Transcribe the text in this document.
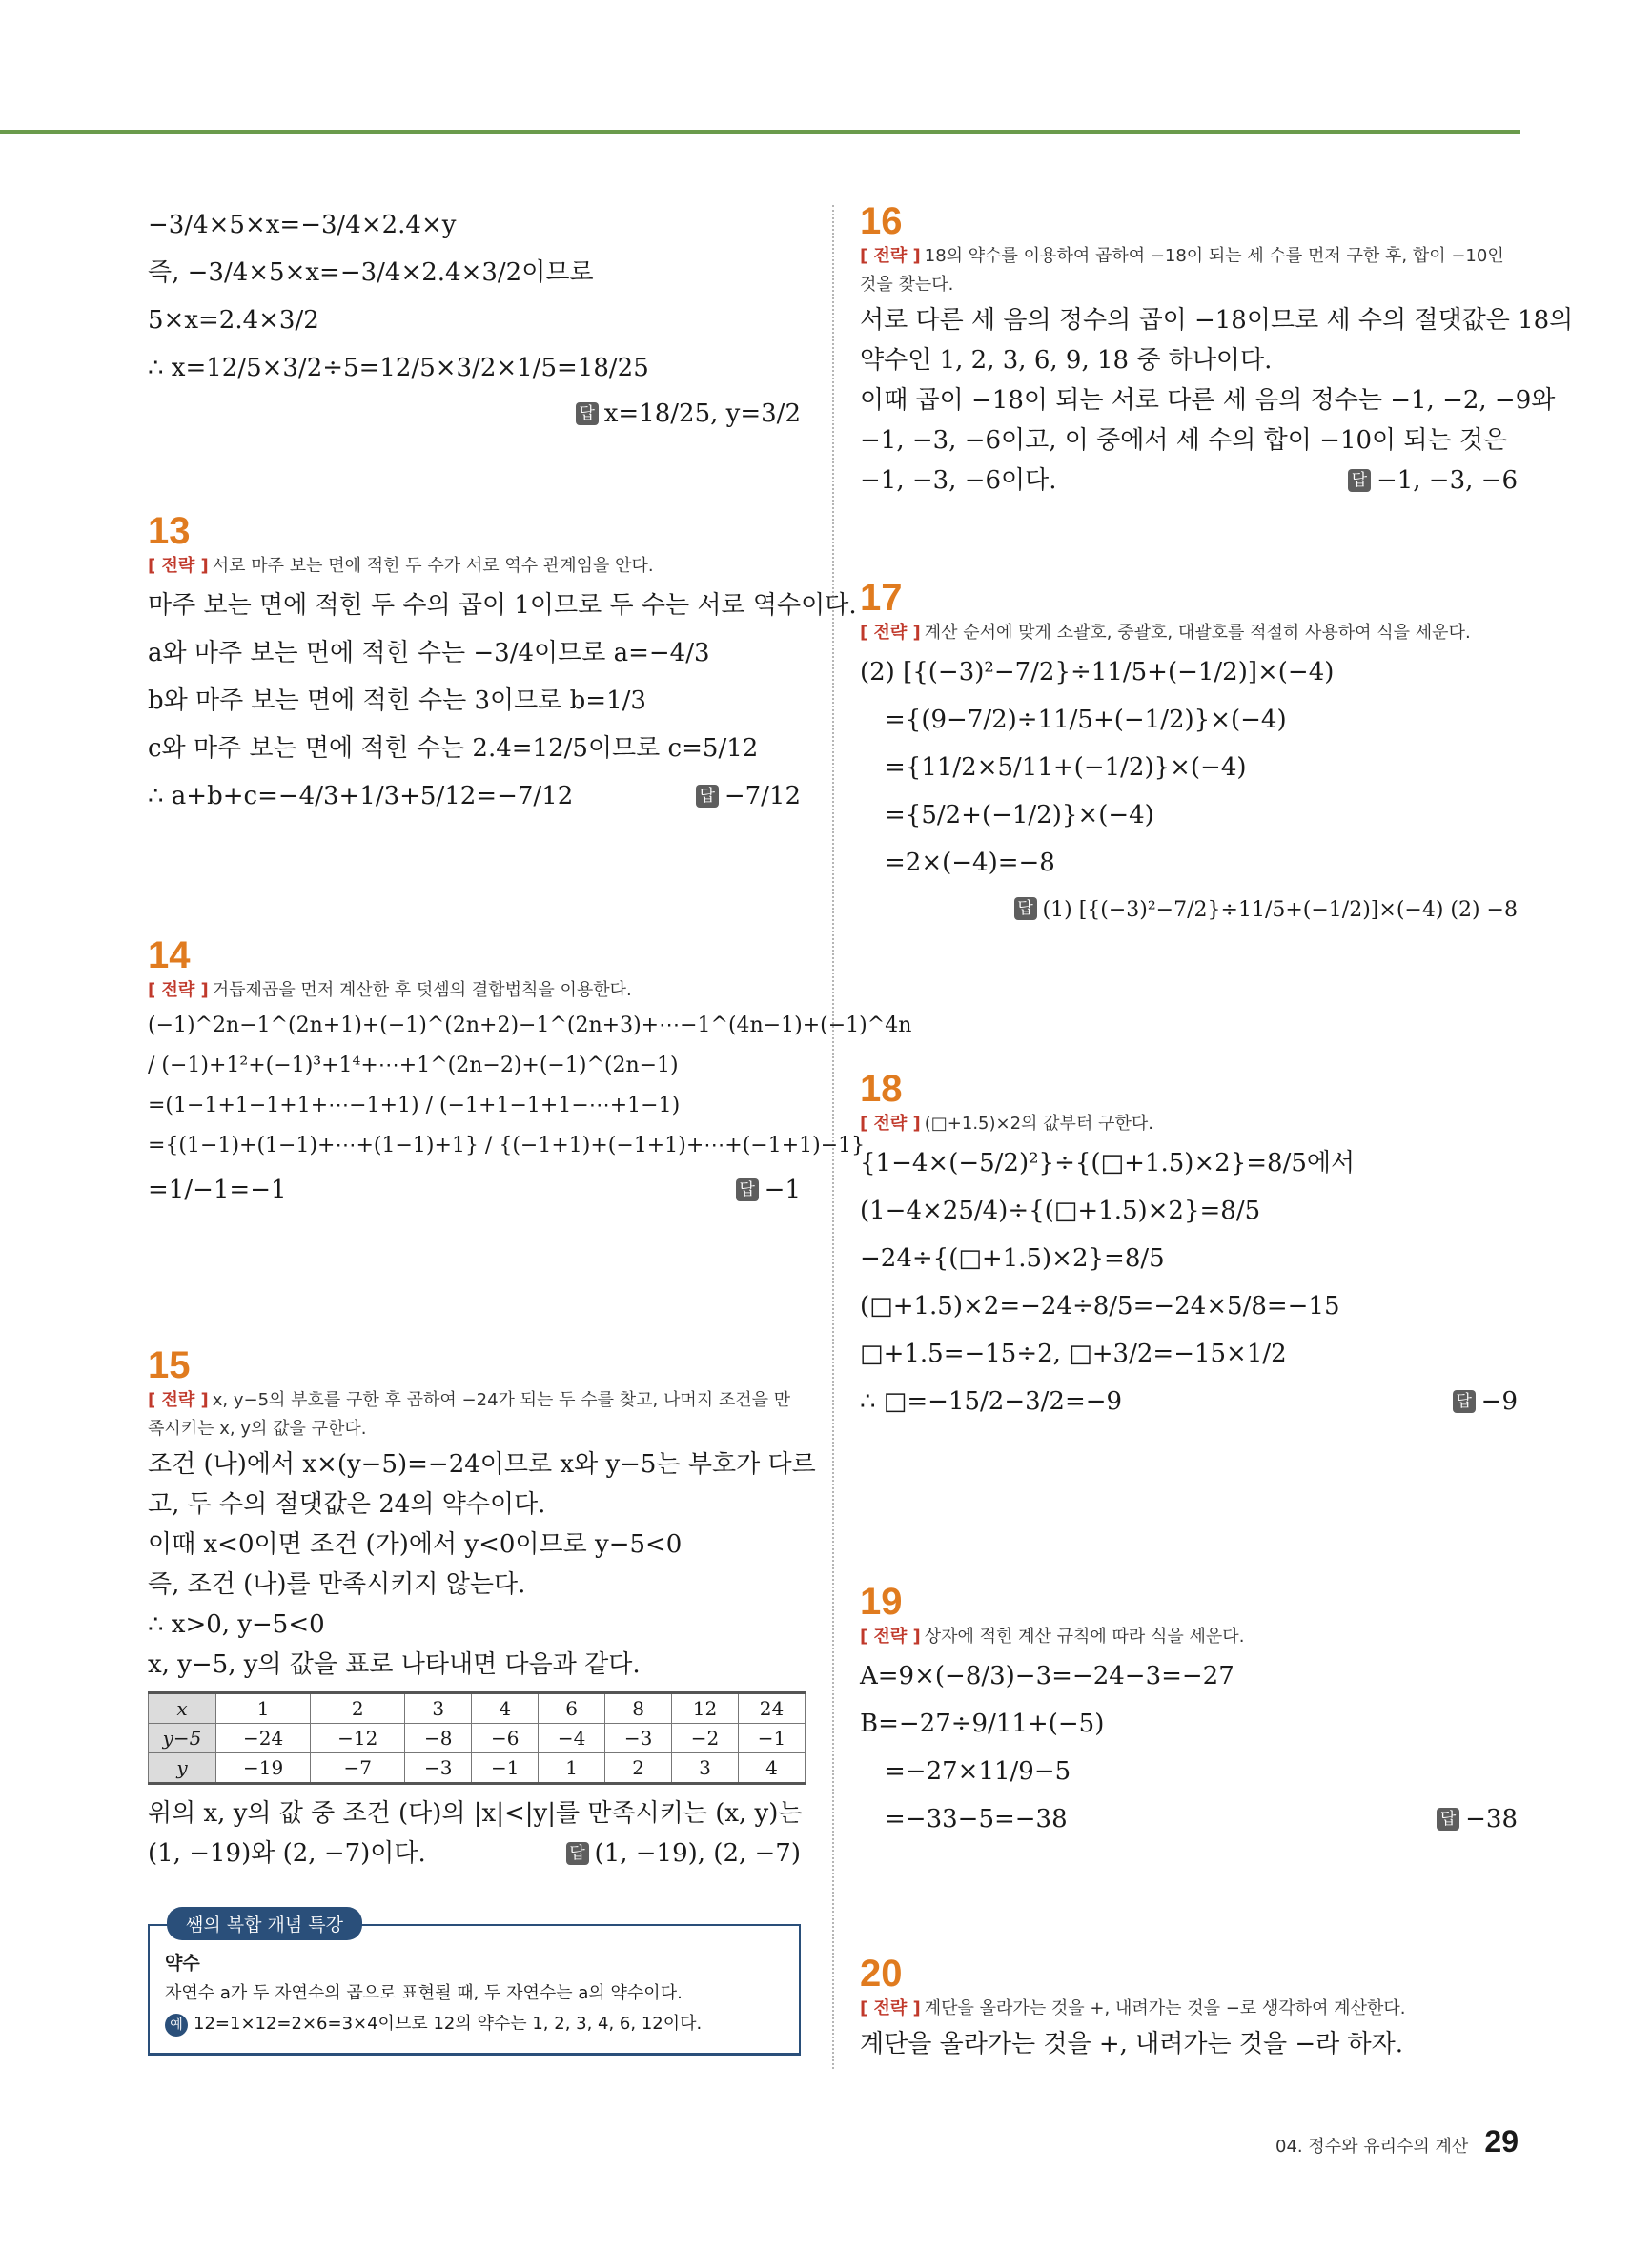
−3/4×5×x=−3/4×2.4×y
즉, −3/4×5×x=−3/4×2.4×3/2이므로
5×x=2.4×3/2
∴ x=12/5×3/2÷5=12/5×3/2×1/5=18/25
답 x=18/25, y=3/2
13
[ 전략 ] 서로 마주 보는 면에 적힌 두 수가 서로 역수 관계임을 안다.
마주 보는 면에 적힌 두 수의 곱이 1이므로 두 수는 서로 역수이다.
a와 마주 보는 면에 적힌 수는 −3/4이므로 a=−4/3
b와 마주 보는 면에 적힌 수는 3이므로 b=1/3
c와 마주 보는 면에 적힌 수는 2.4=12/5이므로 c=5/12
∴ a+b+c=−4/3+1/3+5/12=−7/12	답 −7/12
14
[ 전략 ] 거듭제곱을 먼저 계산한 후 덧셈의 결합법칙을 이용한다.
(−1)^2n−1^(2n+1)+(−1)^(2n+2)−1^(2n+3)+⋯−1^(4n−1)+(−1)^4n
/ (−1)+1²+(−1)³+1⁴+⋯+1^(2n−2)+(−1)^(2n−1)
=(1−1+1−1+1+⋯−1+1) / (−1+1−1+1−⋯+1−1)
={(1−1)+(1−1)+⋯+(1−1)+1} / {(−1+1)+(−1+1)+⋯+(−1+1)−1}
=1/−1=−1	답 −1
15
[ 전략 ] x, y−5의 부호를 구한 후 곱하여 −24가 되는 두 수를 찾고, 나머지 조건을 만족시키는 x, y의 값을 구한다.
조건 (나)에서 x×(y−5)=−24이므로 x와 y−5는 부호가 다르
고, 두 수의 절댓값은 24의 약수이다.
이때 x<0이면 조건 (가)에서 y<0이므로 y−5<0
즉, 조건 (나)를 만족시키지 않는다.
∴ x>0, y−5<0
x, y−5, y의 값을 표로 나타내면 다음과 같다.
x	1	2	3	4	6	8	12	24
y−5	−24	−12	−8	−6	−4	−3	−2	−1
y	−19	−7	−3	−1	1	2	3	4
위의 x, y의 값 중 조건 (다)의 |x|<|y|를 만족시키는 (x, y)는
(1, −19)와 (2, −7)이다.	답 (1, −19), (2, −7)
쌤의 복합 개념 특강
약수
자연수 a가 두 자연수의 곱으로 표현될 때, 두 자연수는 a의 약수이다.
예 12=1×12=2×6=3×4이므로 12의 약수는 1, 2, 3, 4, 6, 12이다.
16
[ 전략 ] 18의 약수를 이용하여 곱하여 −18이 되는 세 수를 먼저 구한 후, 합이 −10인 것을 찾는다.
서로 다른 세 음의 정수의 곱이 −18이므로 세 수의 절댓값은 18의
약수인 1, 2, 3, 6, 9, 18 중 하나이다.
이때 곱이 −18이 되는 서로 다른 세 음의 정수는 −1, −2, −9와
−1, −3, −6이고, 이 중에서 세 수의 합이 −10이 되는 것은
−1, −3, −6이다.	답 −1, −3, −6
17
[ 전략 ] 계산 순서에 맞게 소괄호, 중괄호, 대괄호를 적절히 사용하여 식을 세운다.
(2) [{(−3)²−7/2}÷11/5+(−1/2)]×(−4)
={(9−7/2)÷11/5+(−1/2)}×(−4)
={11/2×5/11+(−1/2)}×(−4)
={5/2+(−1/2)}×(−4)
=2×(−4)=−8
답 (1) [{(−3)²−7/2}÷11/5+(−1/2)]×(−4) (2) −8
18
[ 전략 ] (□+1.5)×2의 값부터 구한다.
{1−4×(−5/2)²}÷{(□+1.5)×2}=8/5에서
(1−4×25/4)÷{(□+1.5)×2}=8/5
−24÷{(□+1.5)×2}=8/5
(□+1.5)×2=−24÷8/5=−24×5/8=−15
□+1.5=−15÷2, □+3/2=−15×1/2
∴ □=−15/2−3/2=−9	답 −9
19
[ 전략 ] 상자에 적힌 계산 규칙에 따라 식을 세운다.
A=9×(−8/3)−3=−24−3=−27
B=−27÷9/11+(−5)
=−27×11/9−5
=−33−5=−38	답 −38
20
[ 전략 ] 계단을 올라가는 것을 +, 내려가는 것을 −로 생각하여 계산한다.
계단을 올라가는 것을 +, 내려가는 것을 −라 하자.
04. 정수와 유리수의 계산 29
